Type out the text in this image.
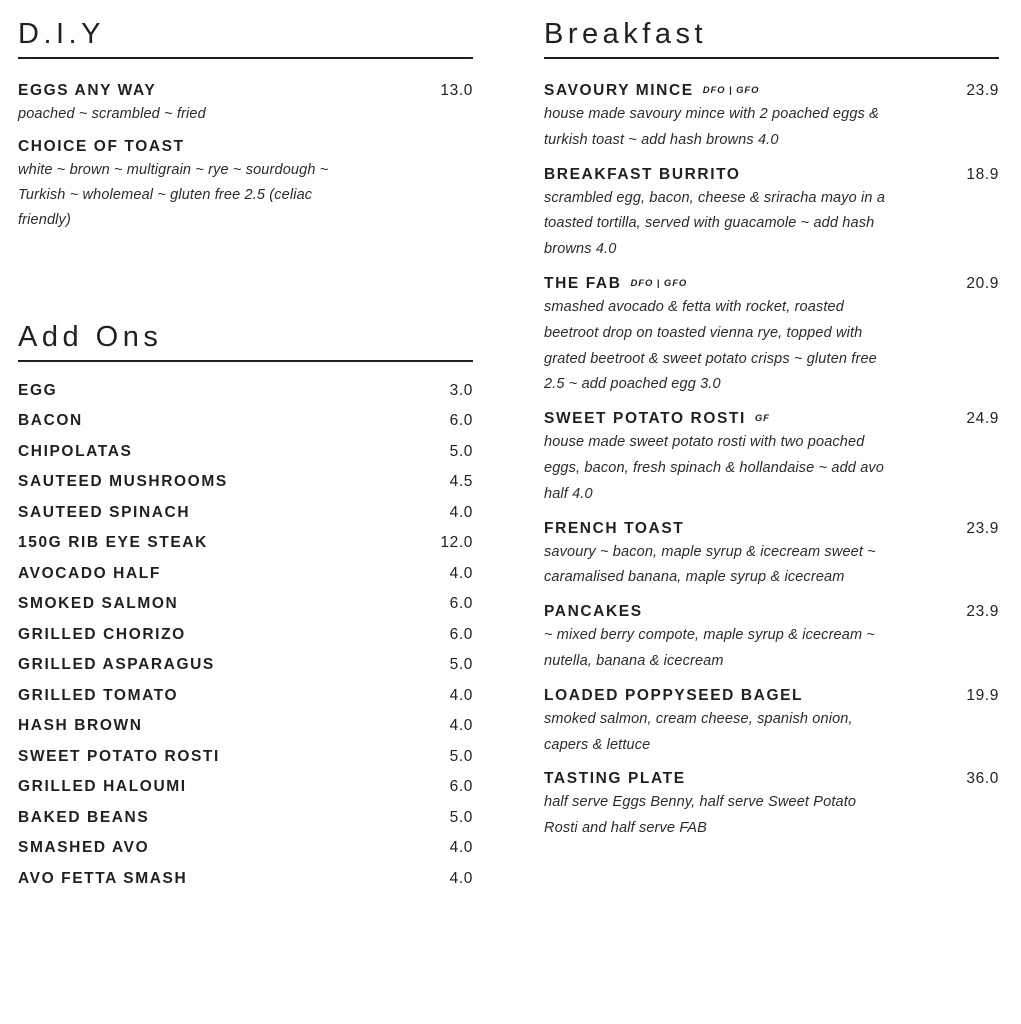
D.I.Y
EGGS ANY WAY	13.0
poached ~ scrambled ~ fried
CHOICE OF TOAST
white ~ brown ~ multigrain ~ rye ~ sourdough ~ Turkish ~ wholemeal ~ gluten free 2.5 (celiac friendly)
Add Ons
EGG	3.0
BACON	6.0
CHIPOLATAS	5.0
SAUTEED MUSHROOMS	4.5
SAUTEED SPINACH	4.0
150G RIB EYE STEAK	12.0
AVOCADO HALF	4.0
SMOKED SALMON	6.0
GRILLED CHORIZO	6.0
GRILLED ASPARAGUS	5.0
GRILLED TOMATO	4.0
HASH BROWN	4.0
SWEET POTATO ROSTI	5.0
GRILLED HALOUMI	6.0
BAKED BEANS	5.0
SMASHED AVO	4.0
AVO FETTA SMASH	4.0
Breakfast
SAVOURY MINCE DFO | GFO	23.9
house made savoury mince with 2 poached eggs & turkish toast ~ add hash browns 4.0
BREAKFAST BURRITO	18.9
scrambled egg, bacon, cheese & sriracha mayo in a toasted tortilla, served with guacamole ~ add hash browns 4.0
THE FAB DFO | GFO	20.9
smashed avocado & fetta with rocket, roasted beetroot drop on toasted vienna rye, topped with grated beetroot & sweet potato crisps ~ gluten free 2.5 ~ add poached egg 3.0
SWEET POTATO ROSTI GF	24.9
house made sweet potato rosti with two poached eggs, bacon, fresh spinach & hollandaise ~ add avo half 4.0
FRENCH TOAST	23.9
savoury ~ bacon, maple syrup & icecream sweet ~ caramalised banana, maple syrup & icecream
PANCAKES	23.9
~ mixed berry compote, maple syrup & icecream ~ nutella, banana & icecream
LOADED POPPYSEED BAGEL	19.9
smoked salmon, cream cheese, spanish onion, capers & lettuce
TASTING PLATE	36.0
half serve Eggs Benny, half serve Sweet Potato Rosti and half serve FAB
